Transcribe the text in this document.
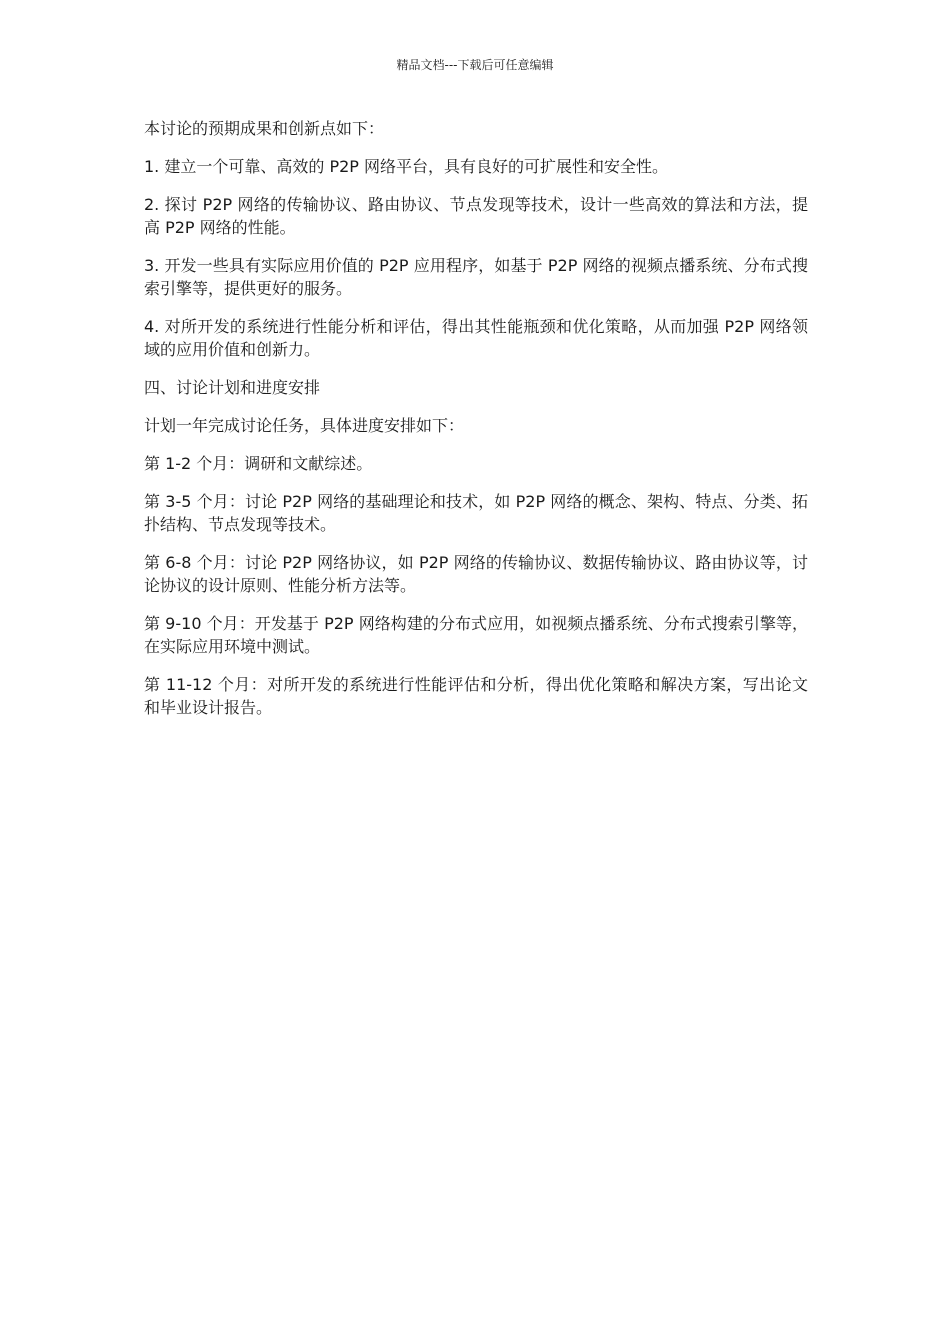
精品文档---下载后可任意编辑

本讨论的预期成果和创新点如下：

1. 建立一个可靠、高效的 P2P 网络平台，具有良好的可扩展性和安全性。

2. 探讨 P2P 网络的传输协议、路由协议、节点发现等技术，设计一些高效的算法和方法，提高 P2P 网络的性能。

3. 开发一些具有实际应用价值的 P2P 应用程序，如基于 P2P 网络的视频点播系统、分布式搜索引擎等，提供更好的服务。

4. 对所开发的系统进行性能分析和评估，得出其性能瓶颈和优化策略，从而加强 P2P 网络领域的应用价值和创新力。

四、讨论计划和进度安排

计划一年完成讨论任务，具体进度安排如下：

第 1-2 个月：调研和文献综述。

第 3-5 个月：讨论 P2P 网络的基础理论和技术，如 P2P 网络的概念、架构、特点、分类、拓扑结构、节点发现等技术。

第 6-8 个月：讨论 P2P 网络协议，如 P2P 网络的传输协议、数据传输协议、路由协议等，讨论协议的设计原则、性能分析方法等。

第 9-10 个月：开发基于 P2P 网络构建的分布式应用，如视频点播系统、分布式搜索引擎等，在实际应用环境中测试。

第 11-12 个月：对所开发的系统进行性能评估和分析，得出优化策略和解决方案，写出论文和毕业设计报告。
